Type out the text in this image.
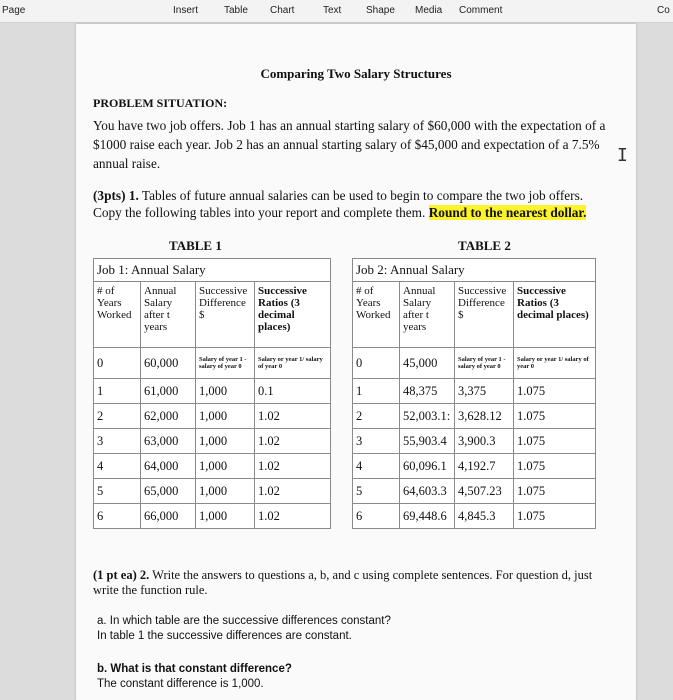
Page	Insert	Table Chart	Text Shape Media Comment	Co
Comparing Two Salary Structures
PROBLEM SITUATION:
You have two job offers. Job 1 has an annual starting salary of $60,000 with the expectation of a $1000 raise each year. Job 2 has an annual starting salary of $45,000 and expectation of a 7.5% annual raise.
(3pts) 1. Tables of future annual salaries can be used to begin to compare the two job offers. Copy the following tables into your report and complete them. Round to the nearest dollar.
TABLE 1	TABLE 2
Job 1: Annual Salary			
# of Years Worked	Annual Salary after t years	Successive Difference $	Successive Ratios (3 decimal places)
0	60,000	Salary of year 1 - salary of year 0	Salary or year 1/ salary of year 0
1	61,000	1,000	0.1
2	62,000	1,000	1.02
3	63,000	1,000	1.02
4	64,000	1,000	1.02
5	65,000	1,000	1.02
6	66,000	1,000	1.02
Job 2: Annual Salary			
# of Years Worked	Annual Salary after t years	Successive Difference $	Successive Ratios (3 decimal places)
0	45,000	Salary of year 1 - salary of year 0	Salary or year 1/ salary of year 0
1	48,375	3,375	1.075
2	52,003.1:	3,628.12	1.075
3	55,903.4	3,900.3	1.075
4	60,096.1	4,192.7	1.075
5	64,603.3	4,507.23	1.075
6	69,448.6	4,845.3	1.075
(1 pt ea) 2. Write the answers to questions a, b, and c using complete sentences. For question d, just write the function rule.
a. In which table are the successive differences constant?
In table 1 the successive differences are constant.
b. What is that constant difference?
The constant difference is 1,000.
I
